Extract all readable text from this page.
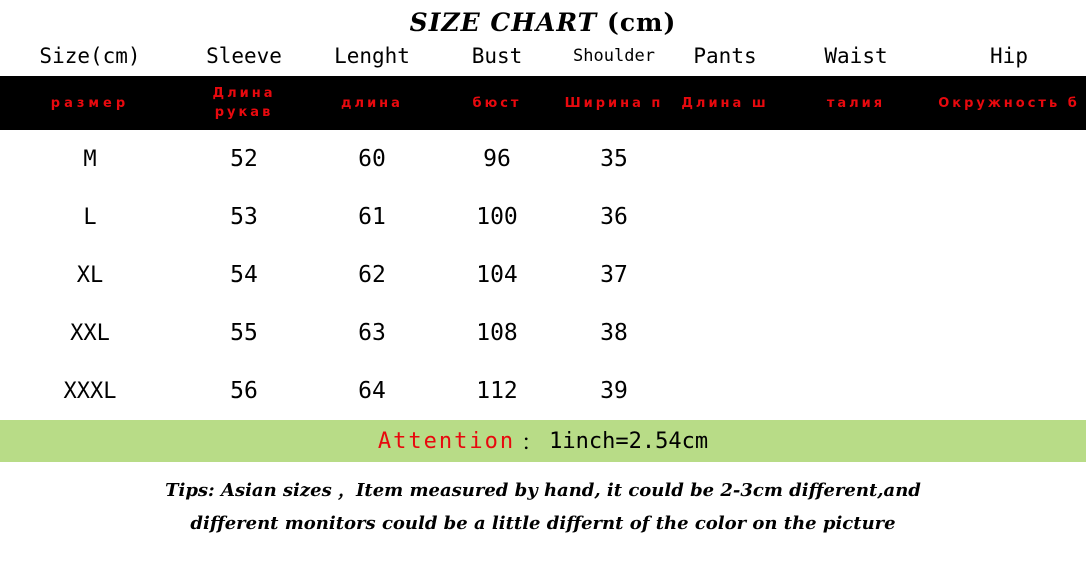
SIZE CHART (cm)
Size(cm)	Sleeve	Lenght	Bust	Shoulder	Pants	Waist	Hip
размер	Длина рукав	длина	бюст	Ширина п	Длина ш	талия	Окружность б
M	52	60	96	35			
L	53	61	100	36			
XL	54	62	104	37			
XXL	55	63	108	38			
XXXL	56	64	112	39			
Attention ： 1inch=2.54cm
Tips: Asian sizes ，Item measured by hand, it could be 2-3cm different,and
different monitors could be a little differnt of the color on the picture
